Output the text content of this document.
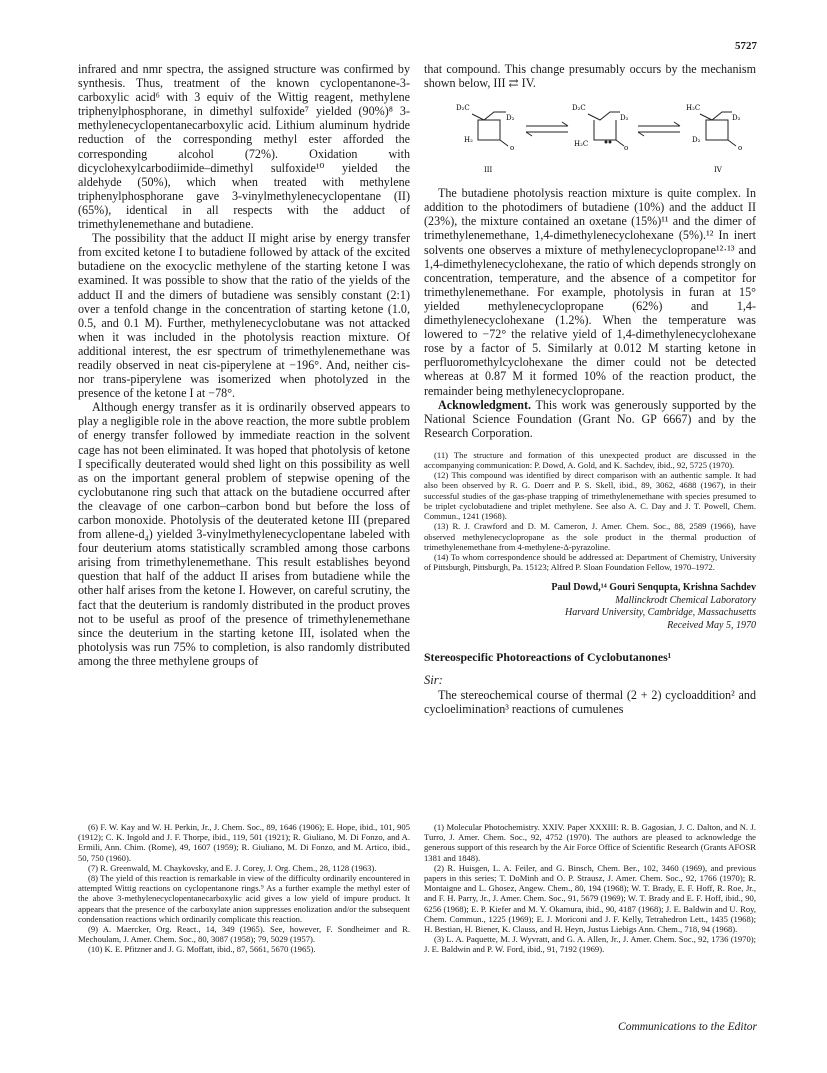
5727

infrared and nmr spectra, the assigned structure was confirmed by synthesis. Thus, treatment of the known cyclopentanone-3-carboxylic acid⁶ with 3 equiv of the Wittig reagent, methylene triphenylphosphorane, in dimethyl sulfoxide⁷ yielded (90%)⁸ 3-methylenecyclopentanecarboxylic acid. Lithium aluminum hydride reduction of the corresponding methyl ester afforded the corresponding alcohol (72%). Oxidation with dicyclohexylcarbodiimide–dimethyl sulfoxide¹⁰ yielded the aldehyde (50%), which when treated with methylene triphenylphosphorane gave 3-vinylmethylenecyclopentane (II) (65%), identical in all respects with the adduct of trimethylenemethane and butadiene.

The possibility that the adduct II might arise by energy transfer from excited ketone I to butadiene followed by attack of the excited butadiene on the exocyclic methylene of the starting ketone I was examined. It was possible to show that the ratio of the yields of the adduct II and the dimers of butadiene was sensibly constant (2:1) over a tenfold change in the concentration of starting ketone (1.0, 0.5, and 0.1 M). Further, methylenecyclobutane was not attacked when it was included in the photolysis reaction mixture. Of additional interest, the esr spectrum of trimethylenemethane was readily observed in neat cis-piperylene at −196°. And, neither cis- nor trans-piperylene was isomerized when photolyzed in the presence of the ketone I at −78°.

Although energy transfer as it is ordinarily observed appears to play a negligible role in the above reaction, the more subtle problem of energy transfer followed by immediate reaction in the solvent cage has not been eliminated. It was hoped that photolysis of ketone I specifically deuterated would shed light on this possibility as well as on the important general problem of stepwise opening of the cyclobutanone ring such that attack on the butadiene occurred after the cleavage of one carbon–carbon bond but before the loss of carbon monoxide. Photolysis of the deuterated ketone III (prepared from allene-d₄) yielded 3-vinylmethylenecyclopentane labeled with four deuterium atoms statistically scrambled among those carbons arising from trimethylenemethane. This result establishes beyond question that half of the adduct II arises from butadiene while the other half arises from the ketone I. However, on careful scrutiny, the fact that the deuterium is randomly distributed in the product proves not to be useful as proof of the presence of trimethylenemethane since the deuterium in the starting ketone III, isolated when the photolysis was run 75% to completion, is also randomly distributed among the three methylene groups of

that compound. This change presumably occurs by the mechanism shown below, III ⇄ IV.

D₂C
D₂
H₂
o
III
D₂C
D₂
H₂C	o
H₂C
D₂
D₂
o
IV

The butadiene photolysis reaction mixture is quite complex. In addition to the photodimers of butadiene (10%) and the adduct II (23%), the mixture contained an oxetane (15%)¹¹ and the dimer of trimethylenemethane, 1,4-dimethylenecyclohexane (5%).¹² In inert solvents one observes a mixture of methylenecyclopropane¹²·¹³ and 1,4-dimethylenecyclohexane, the ratio of which depends strongly on concentration, temperature, and the absence of a competitor for trimethylenemethane. For example, photolysis in furan at 15° yielded methylenecyclopropane (62%) and 1,4-dimethylenecyclohexane (1.2%). When the temperature was lowered to −72° the relative yield of 1,4-dimethylenecyclohexane rose by a factor of 5. Similarly at 0.012 M starting ketone in perfluoromethylcyclohexane the dimer could not be detected whereas at 0.87 M it formed 10% of the reaction product, the remainder being methylenecyclopropane.

Acknowledgment. This work was generously supported by the National Science Foundation (Grant No. GP 6667) and by the Research Corporation.

(11) The structure and formation of this unexpected product are discussed in the accompanying communication: P. Dowd, A. Gold, and K. Sachdev, ibid., 92, 5725 (1970).

(12) This compound was identified by direct comparison with an authentic sample. It had also been observed by R. G. Doerr and P. S. Skell, ibid., 89, 3062, 4688 (1967), in their successful studies of the gas-phase trapping of trimethylenemethane with species presumed to be triplet cyclobutadiene and triplet methylene. See also A. C. Day and J. T. Powell, Chem. Commun., 1241 (1968).

(13) R. J. Crawford and D. M. Cameron, J. Amer. Chem. Soc., 88, 2589 (1966), have observed methylenecyclopropane as the sole product in the thermal production of trimethylenemethane from 4-methylene-Δ-pyrazoline.

(14) To whom correspondence should be addressed at: Department of Chemistry, University of Pittsburgh, Pittsburgh, Pa. 15123; Alfred P. Sloan Foundation Fellow, 1970–1972.

Paul Dowd,¹⁴ Gouri Senqupta, Krishna Sachdev
Mallinckrodt Chemical Laboratory
Harvard University, Cambridge, Massachusetts
Received May 5, 1970
Stereospecific Photoreactions of Cyclobutanones¹
Sir:

The stereochemical course of thermal (2 + 2) cycloaddition² and cycloelimination³ reactions of cumulenes

(6) F. W. Kay and W. H. Perkin, Jr., J. Chem. Soc., 89, 1646 (1906); E. Hope, ibid., 101, 905 (1912); C. K. Ingold and J. F. Thorpe, ibid., 119, 501 (1921); R. Giuliano, M. Di Fonzo, and A. Ermili, Ann. Chim. (Rome), 49, 1607 (1959); R. Giuliano, M. Di Fonzo, and M. Artico, ibid., 50, 750 (1960).

(7) R. Greenwald, M. Chaykovsky, and E. J. Corey, J. Org. Chem., 28, 1128 (1963).

(8) The yield of this reaction is remarkable in view of the difficulty ordinarily encountered in attempted Wittig reactions on cyclopentanone rings.⁹ As a further example the methyl ester of the above 3-methylenecyclopentanecarboxylic acid gives a low yield of impure product. It appears that the presence of the carboxylate anion suppresses enolization and/or the subsequent condensation reactions which ordinarily complicate this reaction.

(9) A. Maercker, Org. React., 14, 349 (1965). See, however, F. Sondheimer and R. Mechoulam, J. Amer. Chem. Soc., 80, 3087 (1958); 79, 5029 (1957).

(10) K. E. Pfitzner and J. G. Moffatt, ibid., 87, 5661, 5670 (1965).

(1) Molecular Photochemistry. XXIV. Paper XXXIII: R. B. Gagosian, J. C. Dalton, and N. J. Turro, J. Amer. Chem. Soc., 92, 4752 (1970). The authors are pleased to acknowledge the generous support of this research by the Air Force Office of Scientific Research (Grants AFOSR 1381 and 1848).

(2) R. Huisgen, L. A. Feiler, and G. Binsch, Chem. Ber., 102, 3460 (1969), and previous papers in this series; T. DoMinh and O. P. Strausz, J. Amer. Chem. Soc., 92, 1766 (1970); R. Montaigne and L. Ghosez, Angew. Chem., 80, 194 (1968); W. T. Brady, E. F. Hoff, R. Roe, Jr., and F. H. Parry, Jr., J. Amer. Chem. Soc., 91, 5679 (1969); W. T. Brady and E. F. Hoff, ibid., 90, 6256 (1968); E. P. Kiefer and M. Y. Okamura, ibid., 90, 4187 (1968); J. E. Baldwin and U. Roy, Chem. Commun., 1225 (1969); E. J. Moriconi and J. F. Kelly, Tetrahedron Lett., 1435 (1968); H. Bestian, H. Biener, K. Clauss, and H. Heyn, Justus Liebigs Ann. Chem., 718, 94 (1968).

(3) L. A. Paquette, M. J. Wyvratt, and G. A. Allen, Jr., J. Amer. Chem. Soc., 92, 1736 (1970); J. E. Baldwin and P. W. Ford, ibid., 91, 7192 (1969).

Communications to the Editor
